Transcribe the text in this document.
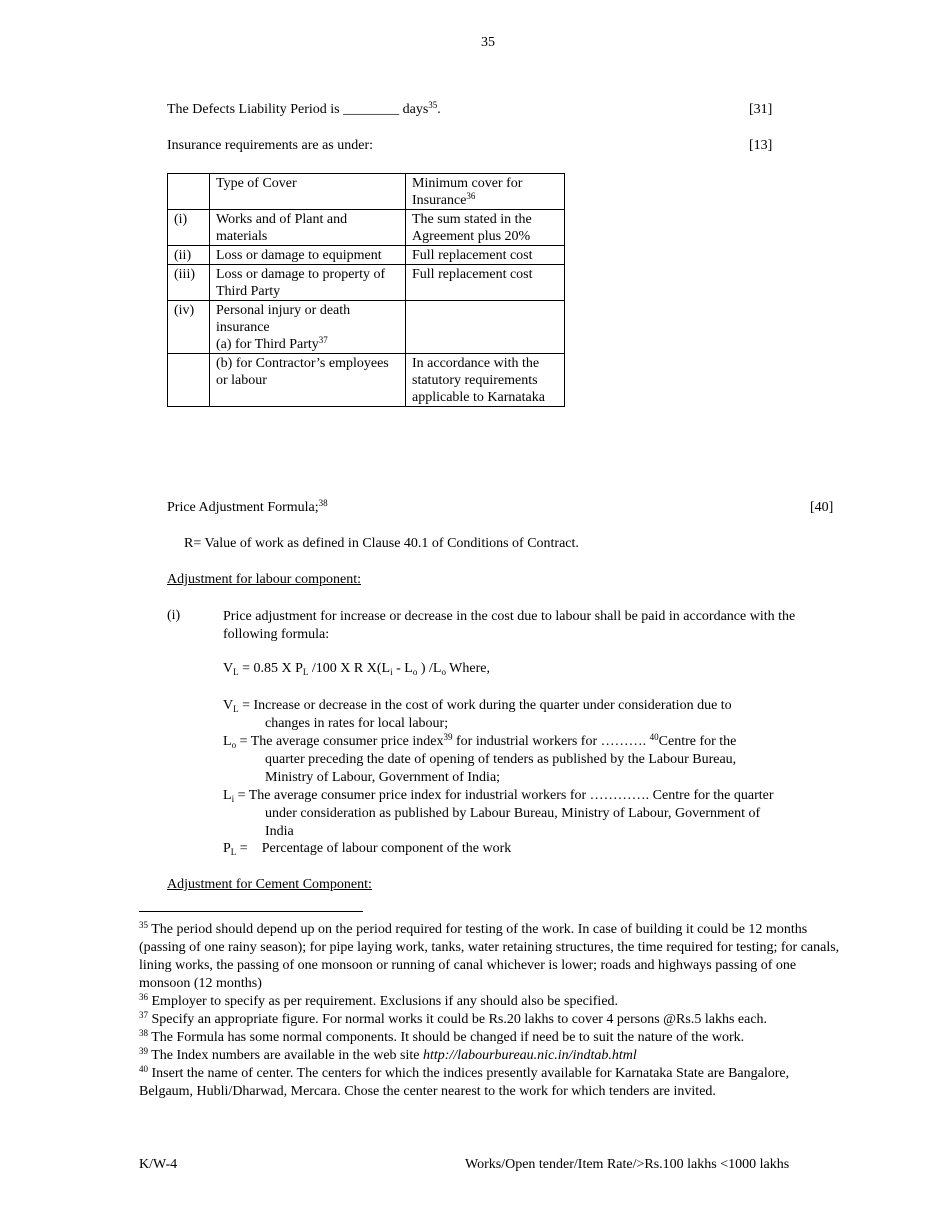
35
The Defects Liability Period is ________ days$^{35}$.	[31]
Insurance requirements are as under:	[13]
	Type of Cover	Minimum cover for Insurance$^{36}$
(i)	Works and of Plant and materials	The sum stated in the Agreement plus 20%
(ii)	Loss or damage to equipment	Full replacement cost
(iii)	Loss or damage to property of Third Party	Full replacement cost
(iv)	Personal injury or death insurance
(a) for Third Party$^{37}$	
	(b) for Contractor’s employees or labour	In accordance with the statutory requirements applicable to Karnataka
Price Adjustment Formula;$^{38}$	[40]
R= Value of work as defined in Clause 40.1 of Conditions of Contract.
Adjustment for labour component:
(i)	Price adjustment for increase or decrease in the cost due to labour shall be paid in accordance with the following formula:
$V_L = 0.85$ X $P_L$ /100 X R $X(L_i - L_o$ ) $/L_o$ Where,
$V_L$ = Increase or decrease in the cost of work during the quarter under consideration due to
changes in rates for local labour;
$L_o$ = The average consumer price index$^{39}$ for industrial workers for ………. $^{40}$Centre for the
quarter preceding the date of opening of tenders as published by the Labour Bureau,
Ministry of Labour, Government of India;
$L_i$ = The average consumer price index for industrial workers for …………. Centre for the quarter
under consideration as published by Labour Bureau, Ministry of Labour, Government of
India
$P_L$ =    Percentage of labour component of the work
Adjustment for Cement Component:
$^{35}$ The period should depend up on the period required for testing of the work. In case of building it could be 12 months (passing of one rainy season); for pipe laying work, tanks, water retaining structures, the time required for testing; for canals, lining works, the passing of one monsoon or running of canal whichever is lower; roads and highways passing of one monsoon (12 months)
$^{36}$ Employer to specify as per requirement. Exclusions if any should also be specified.
$^{37}$ Specify an appropriate figure. For normal works it could be Rs.20 lakhs to cover 4 persons @Rs.5 lakhs each.
$^{38}$ The Formula has some normal components. It should be changed if need be to suit the nature of the work.
$^{39}$ The Index numbers are available in the web site http://labourbureau.nic.in/indtab.html
$^{40}$ Insert the name of center. The centers for which the indices presently available for Karnataka State are Bangalore, Belgaum, Hubli/Dharwad, Mercara. Chose the center nearest to the work for which tenders are invited.
K/W-4	Works/Open tender/Item Rate/>Rs.100 lakhs <1000 lakhs
